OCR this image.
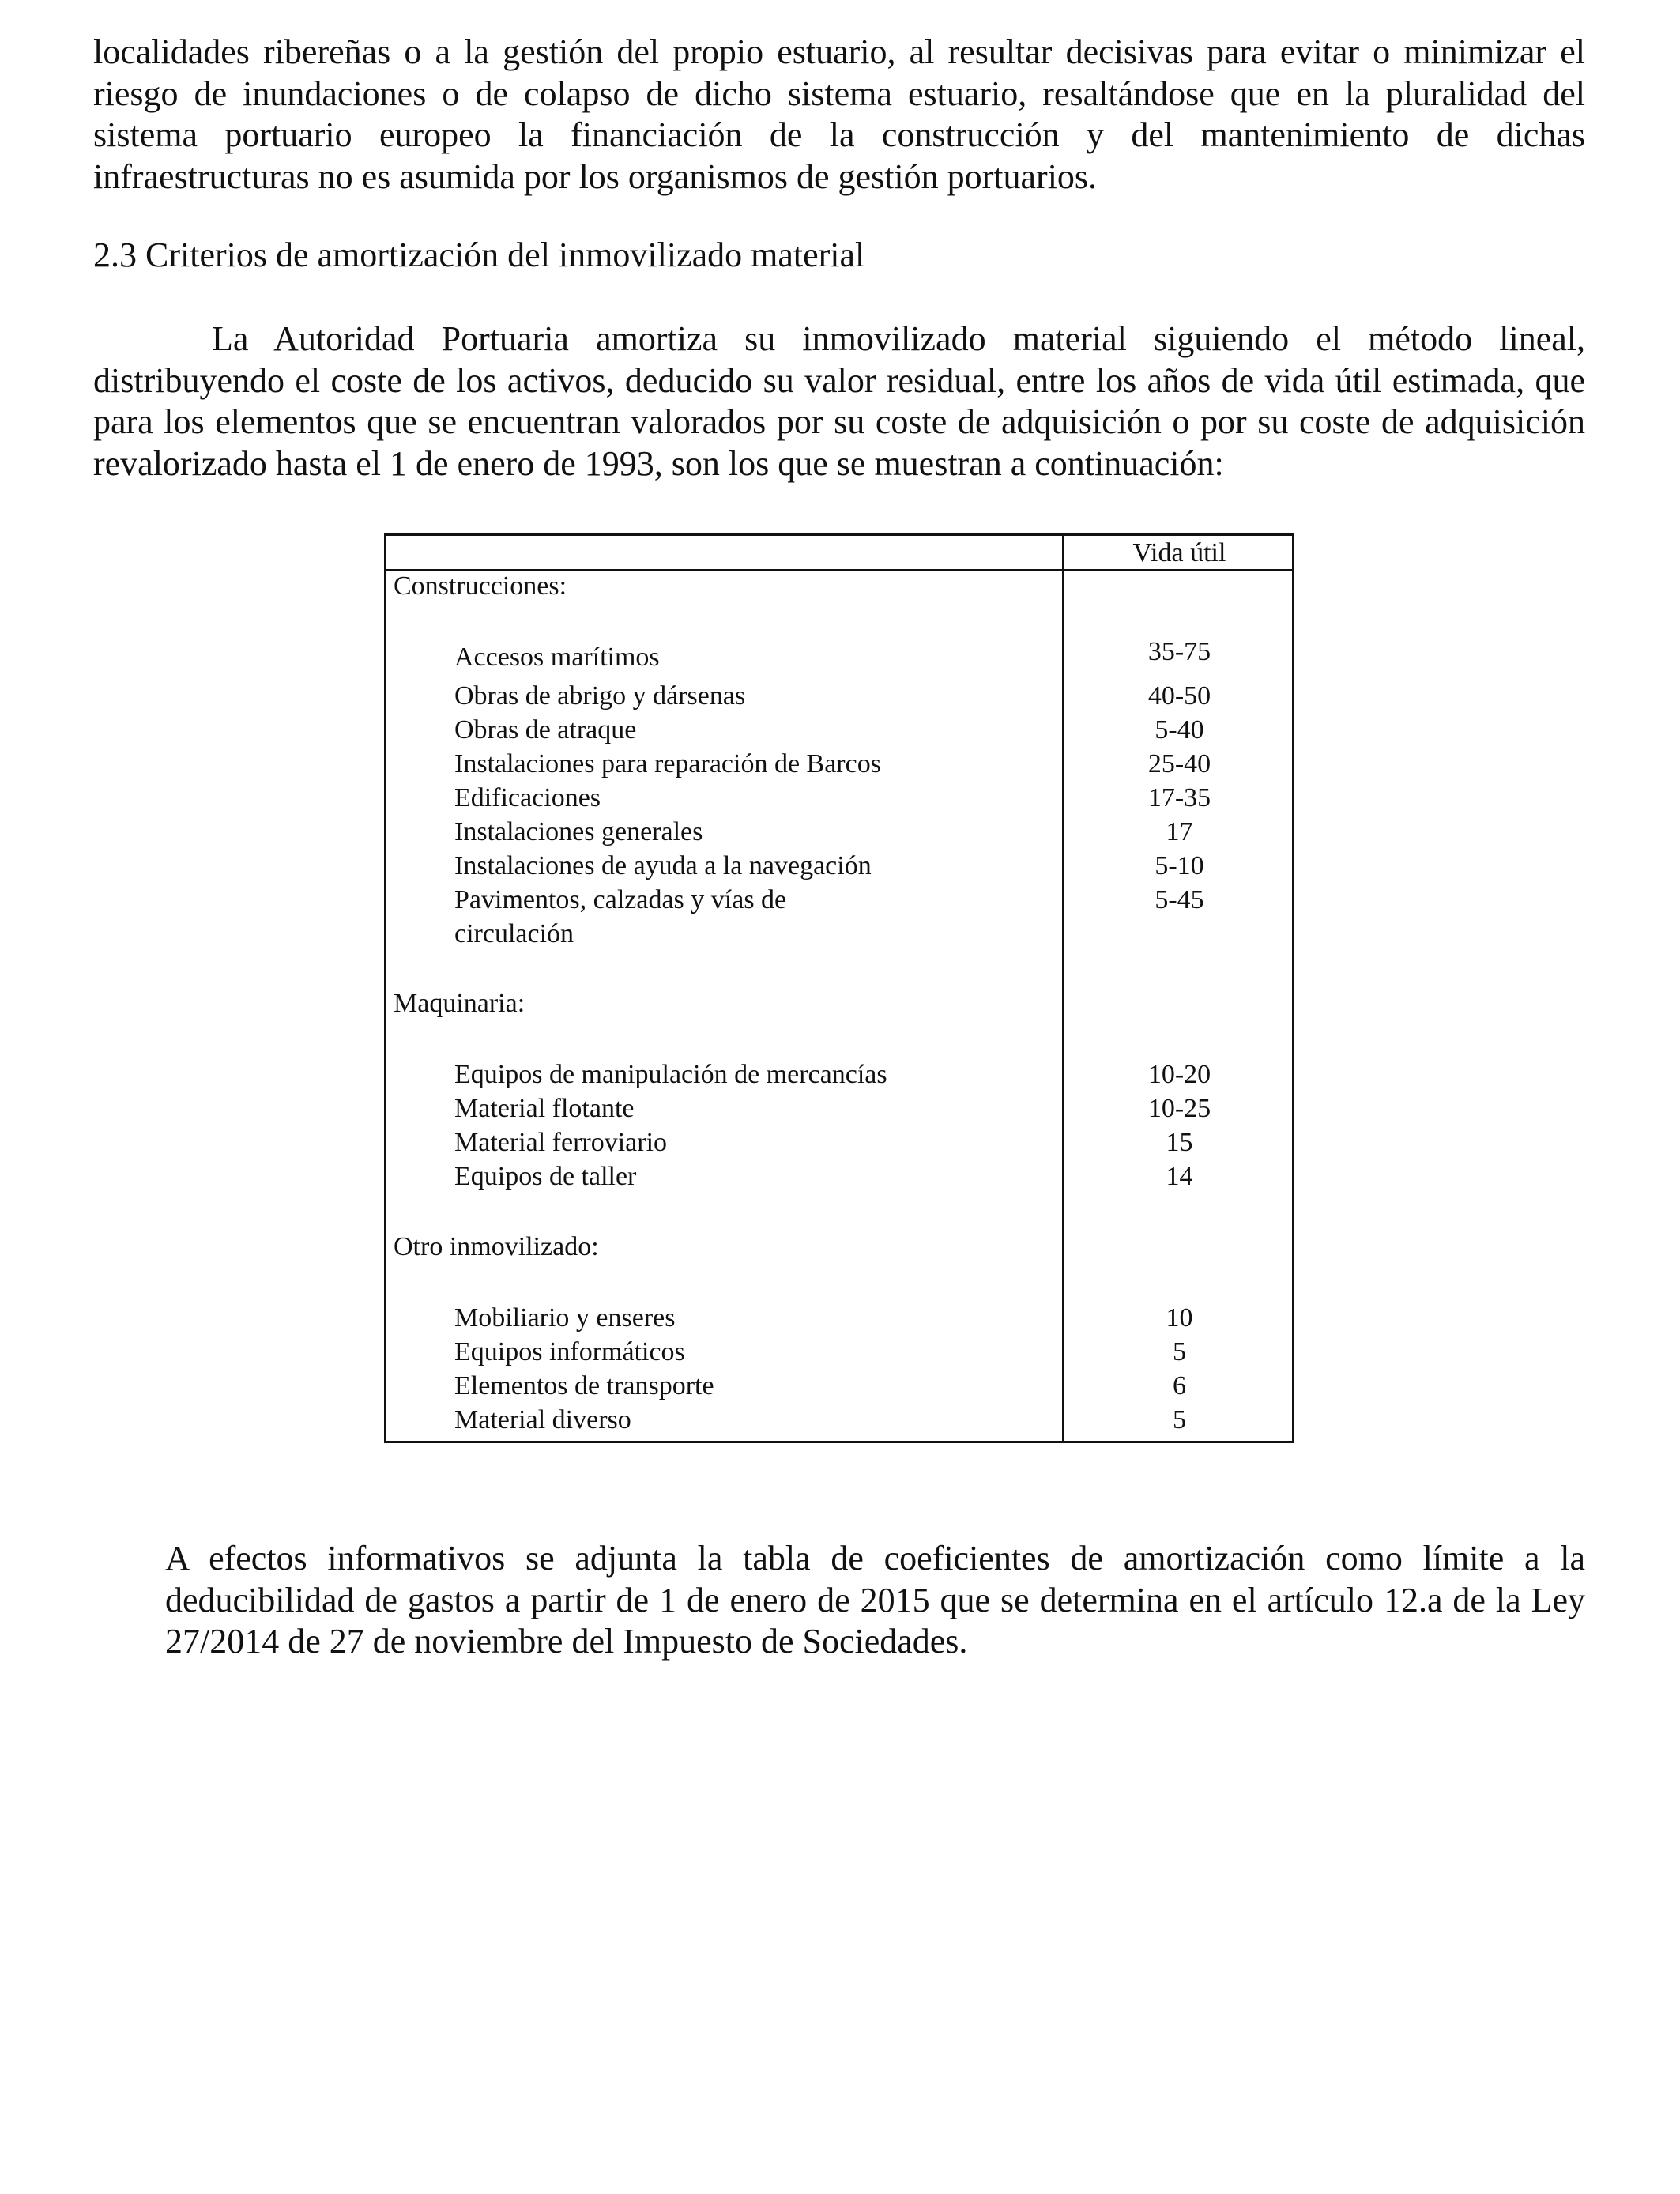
localidades ribereñas o a la gestión del propio estuario, al resultar decisivas para evitar o minimizar el riesgo de inundaciones o de colapso de dicho sistema estuario, resaltándose que en la pluralidad del sistema portuario europeo la financiación de la construcción y del mantenimiento de dichas infraestructuras no es asumida por los organismos de gestión portuarios.

2.3 Criterios de amortización del inmovilizado material

La Autoridad Portuaria amortiza su inmovilizado material siguiendo el método lineal, distribuyendo el coste de los activos, deducido su valor residual, entre los años de vida útil estimada, que para los elementos que se encuentran valorados por su coste de adquisición o por su coste de adquisición revalorizado hasta el 1 de enero de 1993, son los que se muestran a continuación:

Vida útil
Construcciones:
Accesos marítimos	35-75
Obras de abrigo y dársenas	40-50
Obras de atraque	5-40
Instalaciones para reparación de Barcos	25-40
Edificaciones	17-35
Instalaciones generales	17
Instalaciones de ayuda a la navegación	5-10
Pavimentos, calzadas y vías de	5-45
circulación
Maquinaria:
Equipos de manipulación de mercancías	10-20
Material flotante	10-25
Material ferroviario	15
Equipos de taller	14
Otro inmovilizado:
Mobiliario y enseres	10
Equipos informáticos	5
Elementos de transporte	6
Material diverso	5

A efectos informativos se adjunta la tabla de coeficientes de amortización como límite a la deducibilidad de gastos a partir de 1 de enero de 2015 que se determina en el artículo 12.a de la Ley 27/2014 de 27 de noviembre del Impuesto de Sociedades.
